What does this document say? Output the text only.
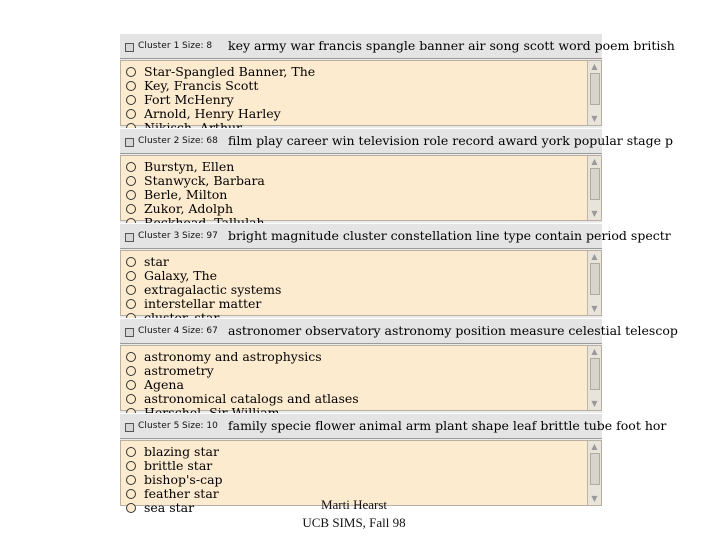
Cluster 1 Size: 8 key army war francis spangle banner air song scott word poem british
Star-Spangled Banner, The
Key, Francis Scott
Fort McHenry
Arnold, Henry Harley
▲
▼
Cluster 2 Size: 68 film play career win television role record award york popular stage p
Burstyn, Ellen
Stanwyck, Barbara
Berle, Milton
Zukor, Adolph
▲
▼
Cluster 3 Size: 97 bright magnitude cluster constellation line type contain period spectr
star
Galaxy, The
extragalactic systems
interstellar matter
▲
▼
Cluster 4 Size: 67 astronomer observatory astronomy position measure celestial telescop
astronomy and astrophysics
astrometry
Agena
astronomical catalogs and atlases
▲
▼
Cluster 5 Size: 10 family specie flower animal arm plant shape leaf brittle tube foot hor
blazing star
brittle star
bishop's-cap
feather star
sea star
▲
▼
Marti Hearst
UCB SIMS, Fall 98
